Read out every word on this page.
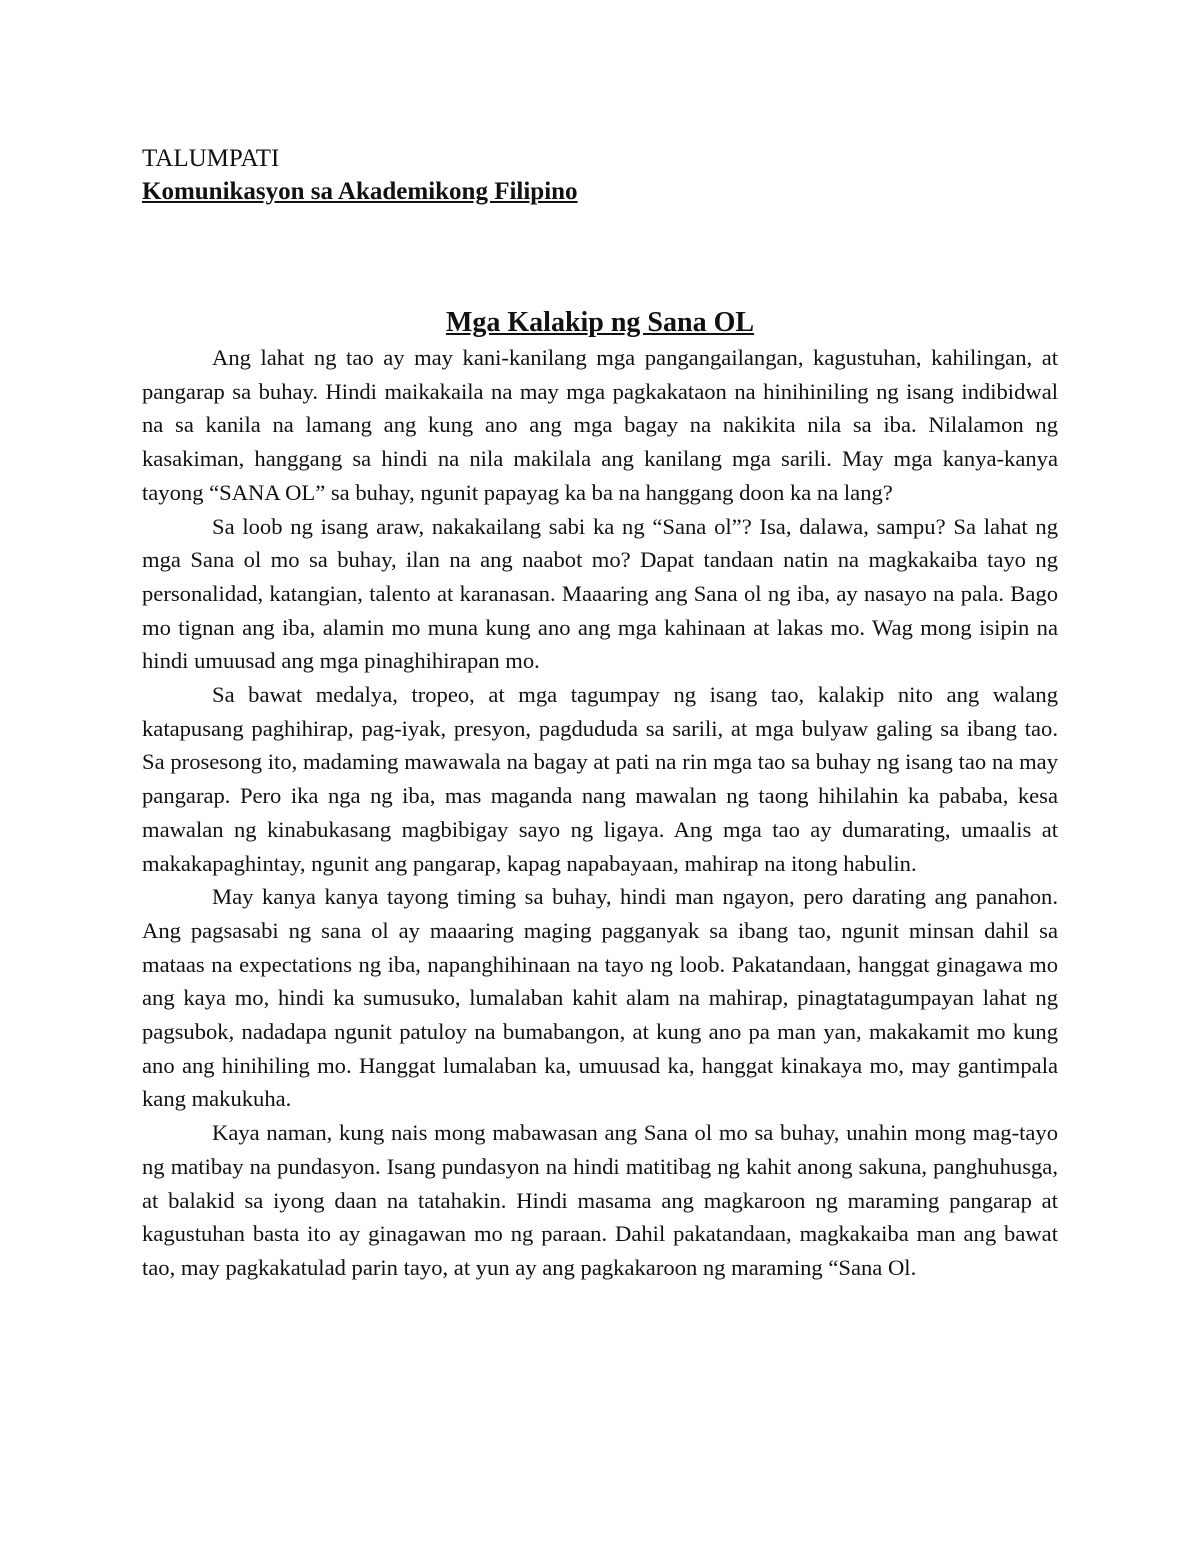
TALUMPATI

Komunikasyon sa Akademikong Filipino

Mga Kalakip ng Sana OL

Ang lahat ng tao ay may kani-kanilang mga pangangailangan, kagustuhan, kahilingan, at pangarap sa buhay. Hindi maikakaila na may mga pagkakataon na hinihiniling ng isang indibidwal na sa kanila na lamang ang kung ano ang mga bagay na nakikita nila sa iba. Nilalamon ng kasakiman, hanggang sa hindi na nila makilala ang kanilang mga sarili. May mga kanya-kanya tayong “SANA OL” sa buhay, ngunit papayag ka ba na hanggang doon ka na lang?

Sa loob ng isang araw, nakakailang sabi ka ng “Sana ol”? Isa, dalawa, sampu? Sa lahat ng mga Sana ol mo sa buhay, ilan na ang naabot mo? Dapat tandaan natin na magkakaiba tayo ng personalidad, katangian, talento at karanasan. Maaaring ang Sana ol ng iba, ay nasayo na pala. Bago mo tignan ang iba, alamin mo muna kung ano ang mga kahinaan at lakas mo. Wag mong isipin na hindi umuusad ang mga pinaghihirapan mo.

Sa bawat medalya, tropeo, at mga tagumpay ng isang tao, kalakip nito ang walang katapusang paghihirap, pag-iyak, presyon, pagdududa sa sarili, at mga bulyaw galing sa ibang tao. Sa prosesong ito, madaming mawawala na bagay at pati na rin mga tao sa buhay ng isang tao na may pangarap. Pero ika nga ng iba, mas maganda nang mawalan ng taong hihilahin ka pababa, kesa mawalan ng kinabukasang magbibigay sayo ng ligaya. Ang mga tao ay dumarating, umaalis at makakapaghintay, ngunit ang pangarap, kapag napabayaan, mahirap na itong habulin.

May kanya kanya tayong timing sa buhay, hindi man ngayon, pero darating ang panahon. Ang pagsasabi ng sana ol ay maaaring maging pagganyak sa ibang tao, ngunit minsan dahil sa mataas na expectations ng iba, napanghihinaan na tayo ng loob. Pakatandaan, hanggat ginagawa mo ang kaya mo, hindi ka sumusuko, lumalaban kahit alam na mahirap, pinagtatagumpayan lahat ng pagsubok, nadadapa ngunit patuloy na bumabangon, at kung ano pa man yan, makakamit mo kung ano ang hinihiling mo. Hanggat lumalaban ka, umuusad ka, hanggat kinakaya mo, may gantimpala kang makukuha.

Kaya naman, kung nais mong mabawasan ang Sana ol mo sa buhay, unahin mong mag-tayo ng matibay na pundasyon. Isang pundasyon na hindi matitibag ng kahit anong sakuna, panghuhusga, at balakid sa iyong daan na tatahakin. Hindi masama ang magkaroon ng maraming pangarap at kagustuhan basta ito ay ginagawan mo ng paraan. Dahil pakatandaan, magkakaiba man ang bawat tao, may pagkakatulad parin tayo, at yun ay ang pagkakaroon ng maraming “Sana Ol.
